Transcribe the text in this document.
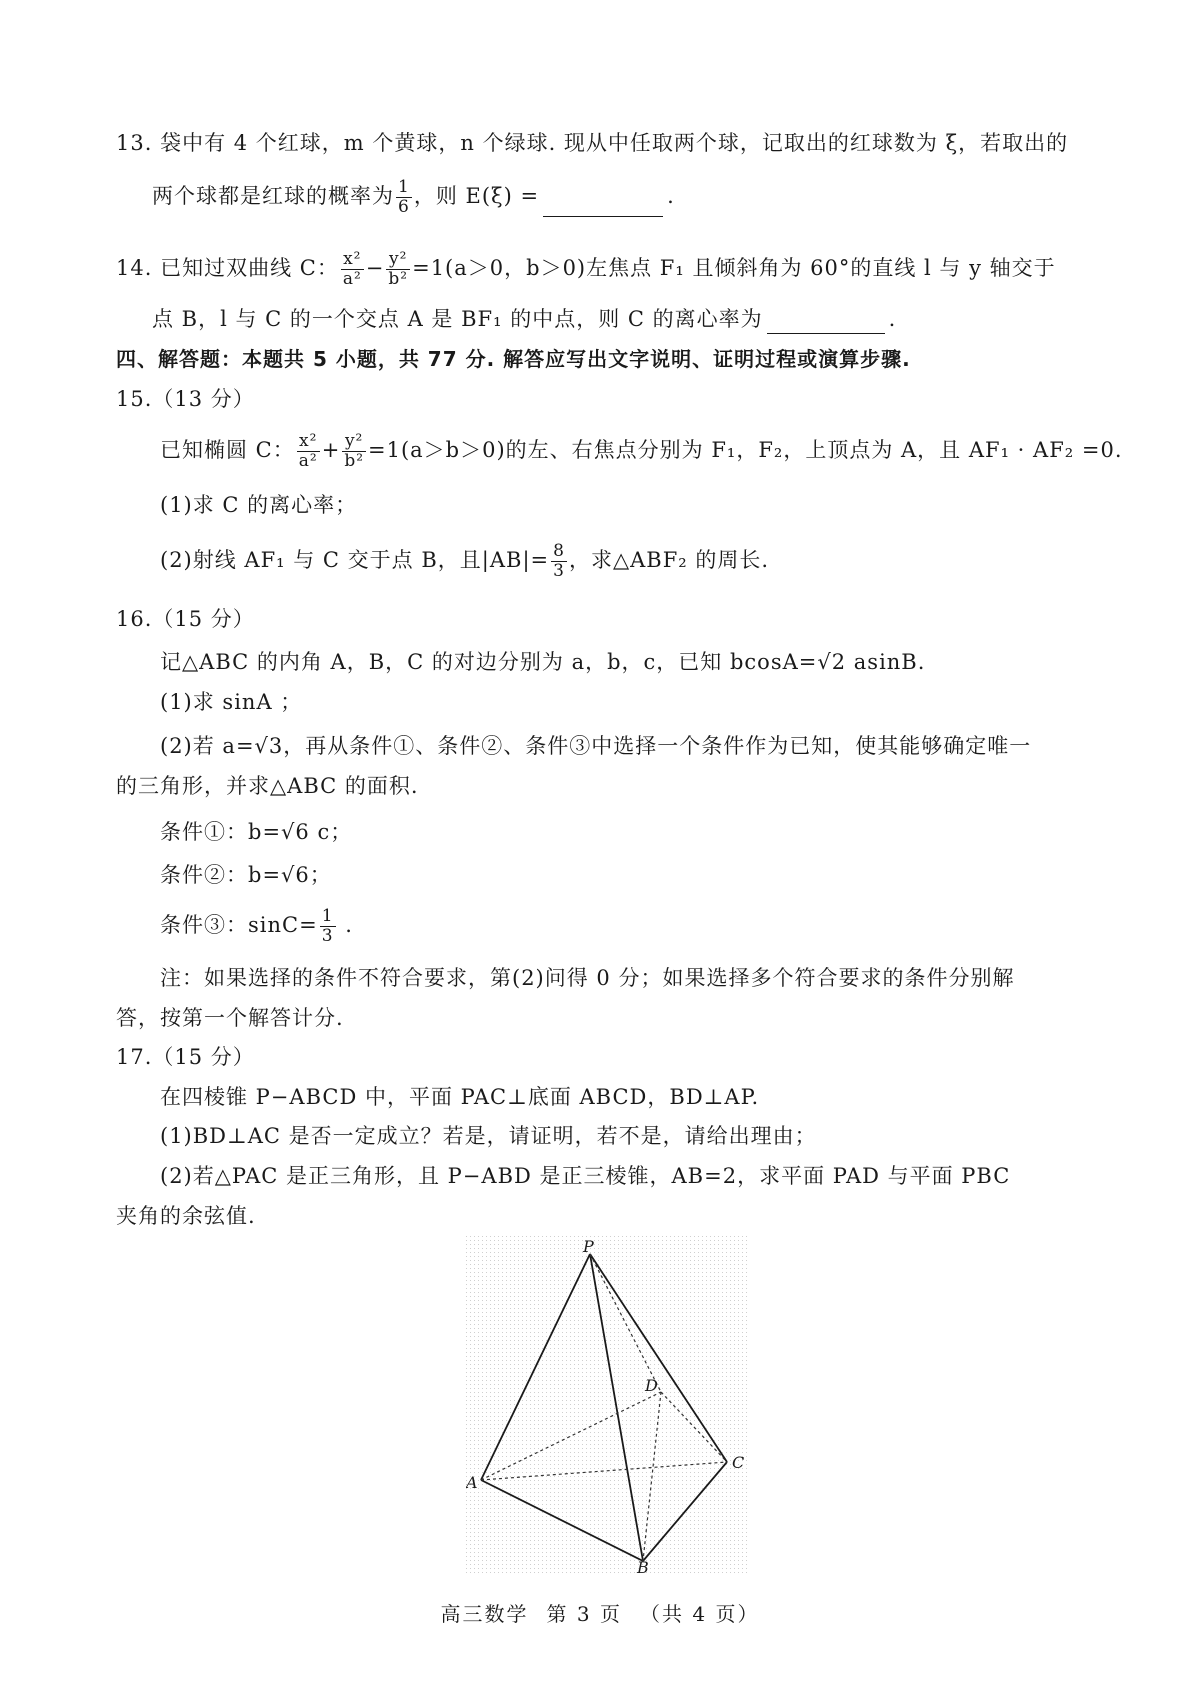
13. 袋中有 4 个红球，m 个黄球，n 个绿球. 现从中任取两个球，记取出的红球数为 ξ，若取出的
两个球都是红球的概率为 $\frac{1}{6}$ ，则 E(ξ) =	.
14. 已知过双曲线 C： $\frac{\text{x²}}{\text{a²}} - \frac{\text{y²}}{\text{b²}} =1(a>0$，b＞0)左焦点 F₁ 且倾斜角为 60°的直线 l 与 y 轴交于
点 B，l 与 C 的一个交点 A 是 BF₁ 的中点，则 C 的离心率为	.
四、解答题：本题共 5 小题，共 77 分. 解答应写出文字说明、证明过程或演算步骤.
15.（13 分）
已知椭圆 C： $\frac{\text{x²}}{\text{a²}} + \frac{\text{y²}}{\text{b²}} =1(a>b>0)$的左、右焦点分别为 F₁，F₂，上顶点为 A，且 AF₁ · AF₂ =0.
(1)求 C 的离心率；
(2)射线 AF₁ 与 C 交于点 B，且$|AB|= \frac{8}{3}$ ，求△ABF₂ 的周长.
16.（15 分）
记△ABC 的内角 A，B，C 的对边分别为 a，b，c，已知 bcosA=√2 asinB.
(1)求 sinA ；
(2)若 a=√3，再从条件①、条件②、条件③中选择一个条件作为已知，使其能够确定唯一
的三角形，并求△ABC 的面积.
条件①：b=√6 c；
条件②：b=√6；
条件③：$\sin C= \frac{1}{3}$ .
注：如果选择的条件不符合要求，第(2)问得 0 分；如果选择多个符合要求的条件分别解
答，按第一个解答计分.
17.（15 分）
在四棱锥 P−ABCD 中，平面 PAC⊥底面 ABCD，BD⊥AP.
(1)BD⊥AC 是否一定成立？若是，请证明，若不是，请给出理由；
(2)若△PAC 是正三角形，且 P−ABD 是正三棱锥，AB=2，求平面 PAD 与平面 PBC
夹角的余弦值.
P
A
B
C
D
高三数学 第 3 页 （共 4 页）
